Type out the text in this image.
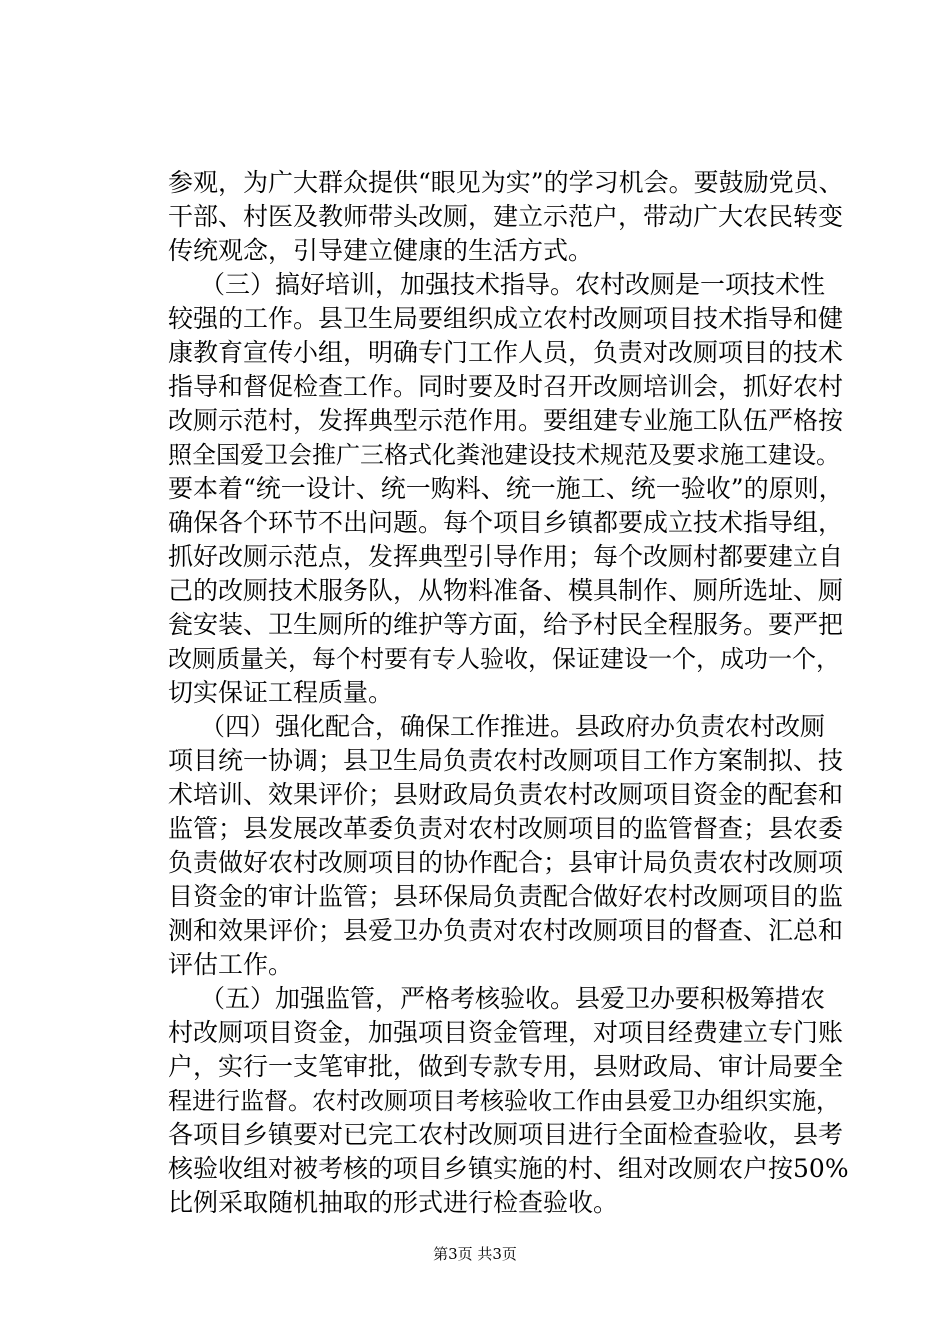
参观，为广大群众提供“眼见为实”的学习机会。要鼓励党员、
干部、村医及教师带头改厕，建立示范户，带动广大农民转变
传统观念，引导建立健康的生活方式。
（三）搞好培训，加强技术指导。农村改厕是一项技术性
较强的工作。县卫生局要组织成立农村改厕项目技术指导和健
康教育宣传小组，明确专门工作人员，负责对改厕项目的技术
指导和督促检查工作。同时要及时召开改厕培训会，抓好农村
改厕示范村，发挥典型示范作用。要组建专业施工队伍严格按
照全国爱卫会推广三格式化粪池建设技术规范及要求施工建设。
要本着“统一设计、统一购料、统一施工、统一验收”的原则，
确保各个环节不出问题。每个项目乡镇都要成立技术指导组，
抓好改厕示范点，发挥典型引导作用；每个改厕村都要建立自
己的改厕技术服务队，从物料准备、模具制作、厕所选址、厕
瓮安装、卫生厕所的维护等方面，给予村民全程服务。要严把
改厕质量关，每个村要有专人验收，保证建设一个，成功一个，
切实保证工程质量。
（四）强化配合，确保工作推进。县政府办负责农村改厕
项目统一协调；县卫生局负责农村改厕项目工作方案制拟、技
术培训、效果评价；县财政局负责农村改厕项目资金的配套和
监管；县发展改革委负责对农村改厕项目的监管督查；县农委
负责做好农村改厕项目的协作配合；县审计局负责农村改厕项
目资金的审计监管；县环保局负责配合做好农村改厕项目的监
测和效果评价；县爱卫办负责对农村改厕项目的督查、汇总和
评估工作。
（五）加强监管，严格考核验收。县爱卫办要积极筹措农
村改厕项目资金，加强项目资金管理，对项目经费建立专门账
户，实行一支笔审批，做到专款专用，县财政局、审计局要全
程进行监督。农村改厕项目考核验收工作由县爱卫办组织实施，
各项目乡镇要对已完工农村改厕项目进行全面检查验收，县考
核验收组对被考核的项目乡镇实施的村、组对改厕农户按50%
比例采取随机抽取的形式进行检查验收。
第3页 共3页
